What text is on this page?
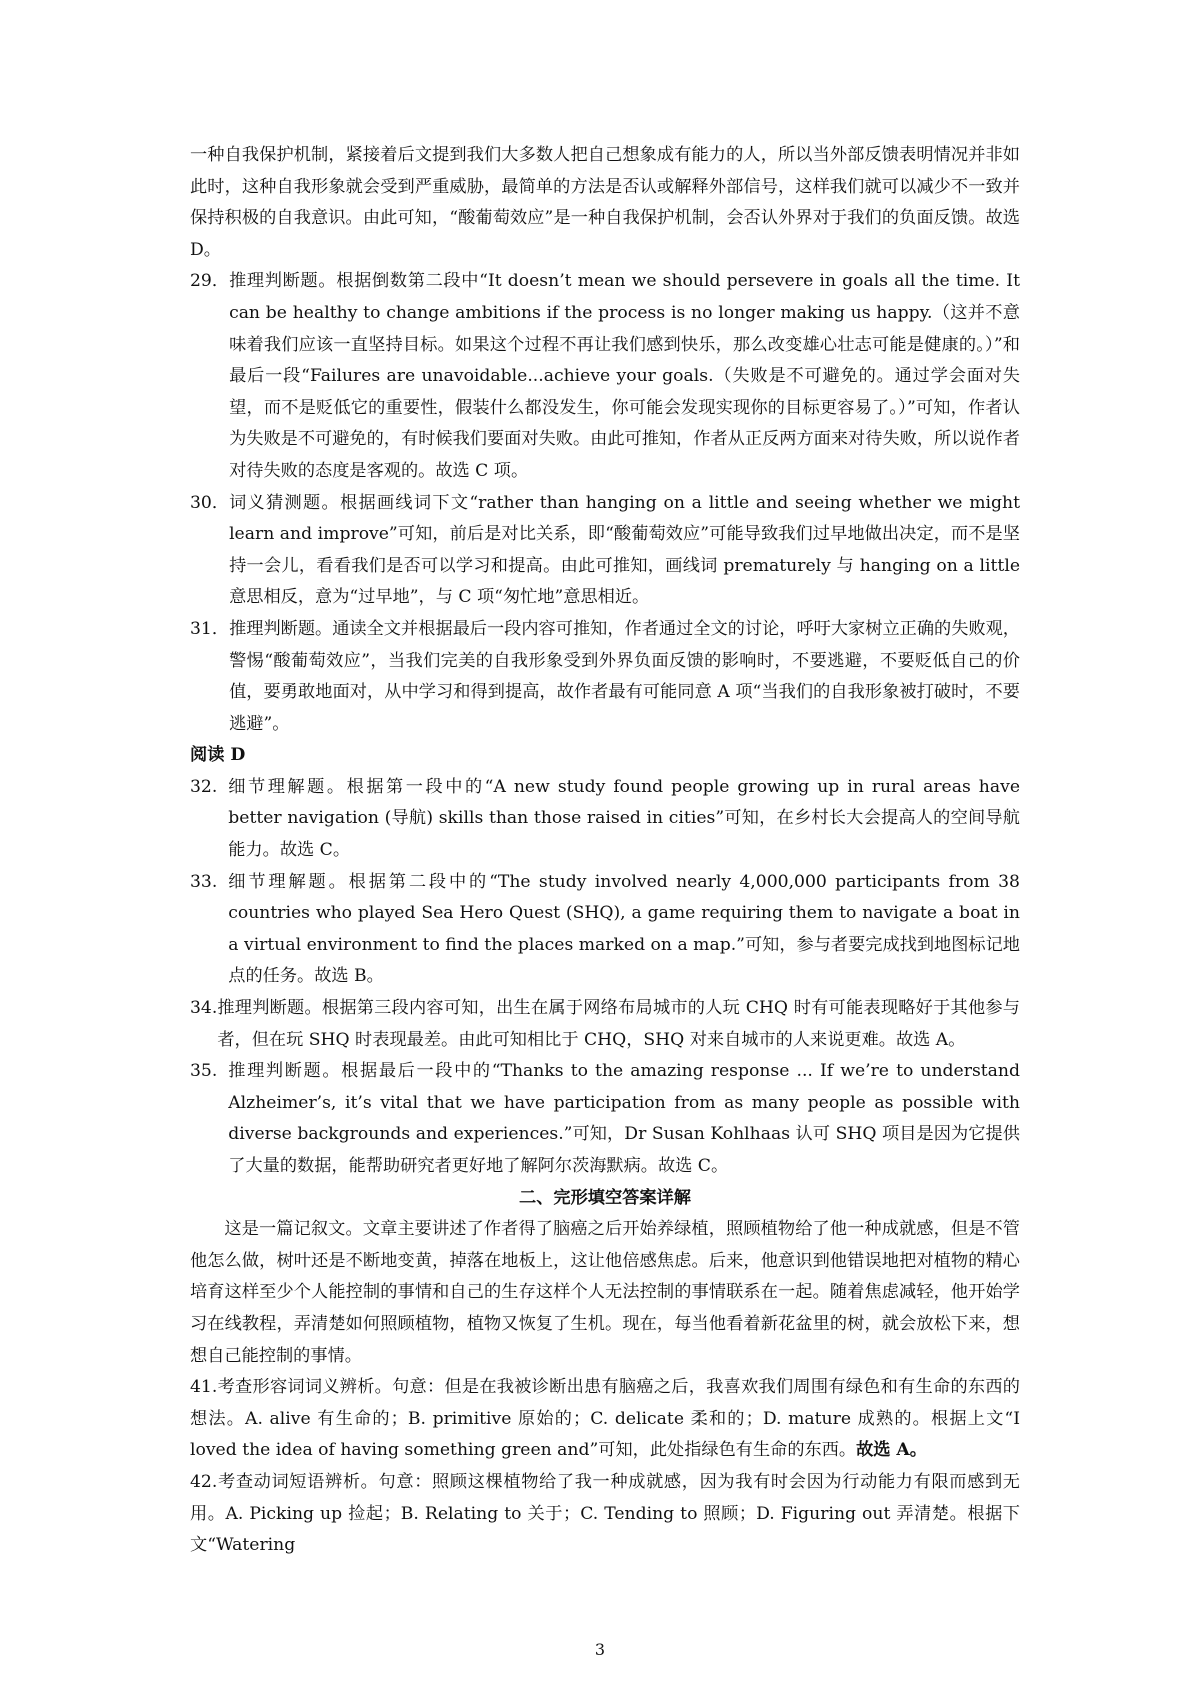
一种自我保护机制，紧接着后文提到我们大多数人把自己想象成有能力的人，所以当外部反馈表明情况并非如此时，这种自我形象就会受到严重威胁，最简单的方法是否认或解释外部信号，这样我们就可以减少不一致并保持积极的自我意识。由此可知，“酸葡萄效应”是一种自我保护机制，会否认外界对于我们的负面反馈。故选 D。

29． 推理判断题。根据倒数第二段中“It doesn’t mean we should persevere in goals all the time. It can be healthy to change ambitions if the process is no longer making us happy.（这并不意味着我们应该一直坚持目标。如果这个过程不再让我们感到快乐，那么改变雄心壮志可能是健康的。）”和最后一段“Failures are unavoidable...achieve your goals.（失败是不可避免的。通过学会面对失望，而不是贬低它的重要性，假装什么都没发生，你可能会发现实现你的目标更容易了。）”可知，作者认为失败是不可避免的，有时候我们要面对失败。由此可推知，作者从正反两方面来对待失败，所以说作者对待失败的态度是客观的。故选 C 项。
30． 词义猜测题。根据画线词下文“rather than hanging on a little and seeing whether we might learn and improve”可知，前后是对比关系，即“酸葡萄效应”可能导致我们过早地做出决定，而不是坚持一会儿，看看我们是否可以学习和提高。由此可推知，画线词 prematurely 与 hanging on a little 意思相反，意为“过早地”，与 C 项“匆忙地”意思相近。
31． 推理判断题。通读全文并根据最后一段内容可推知，作者通过全文的讨论，呼吁大家树立正确的失败观，警惕“酸葡萄效应”，当我们完美的自我形象受到外界负面反馈的影响时，不要逃避，不要贬低自己的价值，要勇敢地面对，从中学习和得到提高，故作者最有可能同意 A 项“当我们的自我形象被打破时，不要逃避”。

阅读 D

32. 细节理解题。根据第一段中的“A new study found people growing up in rural areas have better navigation (导航) skills than those raised in cities”可知，在乡村长大会提高人的空间导航能力。故选 C。
33. 细节理解题。根据第二段中的“The study involved nearly 4,000,000 participants from 38 countries who played Sea Hero Quest (SHQ), a game requiring them to navigate a boat in a virtual environment to find the places marked on a map.”可知，参与者要完成找到地图标记地点的任务。故选 B。
34. 推理判断题。根据第三段内容可知，出生在属于网络布局城市的人玩 CHQ 时有可能表现略好于其他参与者，但在玩 SHQ 时表现最差。由此可知相比于 CHQ，SHQ 对来自城市的人来说更难。故选 A。
35. 推理判断题。根据最后一段中的“Thanks to the amazing response ... If we’re to understand Alzheimer’s, it’s vital that we have participation from as many people as possible with diverse backgrounds and experiences.”可知，Dr Susan Kohlhaas 认可 SHQ 项目是因为它提供了大量的数据，能帮助研究者更好地了解阿尔茨海默病。故选 C。

二、完形填空答案详解

这是一篇记叙文。文章主要讲述了作者得了脑癌之后开始养绿植，照顾植物给了他一种成就感，但是不管他怎么做，树叶还是不断地变黄，掉落在地板上，这让他倍感焦虑。后来，他意识到他错误地把对植物的精心培育这样至少个人能控制的事情和自己的生存这样个人无法控制的事情联系在一起。随着焦虑减轻，他开始学习在线教程，弄清楚如何照顾植物，植物又恢复了生机。现在，每当他看着新花盆里的树，就会放松下来，想想自己能控制的事情。

41.考查形容词词义辨析。句意：但是在我被诊断出患有脑癌之后，我喜欢我们周围有绿色和有生命的东西的想法。A. alive 有生命的；B. primitive 原始的；C. delicate 柔和的；D. mature 成熟的。根据上文“I loved the idea of having something green and”可知，此处指绿色有生命的东西。故选 A。

42.考查动词短语辨析。句意：照顾这棵植物给了我一种成就感，因为我有时会因为行动能力有限而感到无用。A. Picking up 捡起；B. Relating to 关于；C. Tending to 照顾；D. Figuring out 弄清楚。根据下文“Watering

3
